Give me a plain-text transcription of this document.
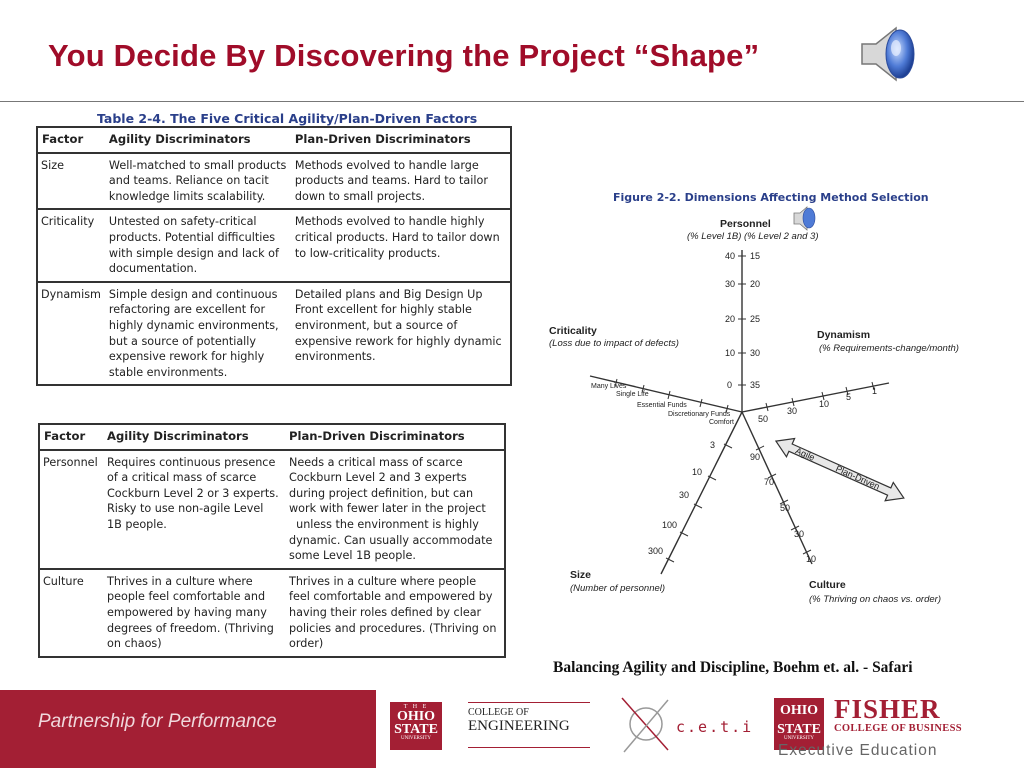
You Decide By Discovering the Project “Shape”
Table 2-4. The Five Critical Agility/Plan-Driven Factors
Factor	Agility Discriminators	Plan-Driven Discriminators
Size	Well-matched to small products and teams. Reliance on tacit knowledge limits scalability.	Methods evolved to handle large products and teams. Hard to tailor down to small projects.
Criticality	Untested on safety-critical products. Potential difficulties with simple design and lack of documentation.	Methods evolved to handle highly critical products. Hard to tailor down to low-criticality products.
Dynamism	Simple design and continuous refactoring are excellent for highly dynamic environments, but a source of potentially expensive rework for highly stable environments.	Detailed plans and Big Design Up Front excellent for highly stable environment, but a source of expensive rework for highly dynamic environments.
Factor	Agility Discriminators	Plan-Driven Discriminators
Personnel	Requires continuous presence of a critical mass of scarce Cockburn Level 2 or 3 experts. Risky to use non-agile Level 1B people.	Needs a critical mass of scarce Cockburn Level 2 and 3 experts during project definition, but can work with fewer later in the project   unless the environment is highly dynamic. Can usually accommodate some Level 1B people.
Culture	Thrives in a culture where people feel comfortable and empowered by having many degrees of freedom. (Thriving on chaos)	Thrives in a culture where people feel comfortable and empowered by having their roles defined by clear policies and procedures. (Thriving on order)
Figure 2-2. Dimensions Affecting Method Selection
Personnel
(% Level 1B) (% Level 2 and 3)
40
30
20
10
0
15
20
25
30
35
Criticality
(Loss due to impact of defects)
Many Lives
Single Life
Essential Funds
Discretionary Funds
Comfort
Dynamism
(% Requirements-change/month)
50
30
10
5
1
Size
(Number of personnel)
3
10
30
100
300
Culture
(% Thriving on chaos vs. order)
90
70
50
30
10
Agile
Plan-Driven
Balancing Agility and Discipline, Boehm et. al. - Safari
Partnership for Performance
T H E
OHIO
STATE
UNIVERSITY
COLLEGE OF
ENGINEERING	c.e.t.i
OHIO
STATE
UNIVERSITY
FISHER
COLLEGE OF BUSINESS
Executive Education
